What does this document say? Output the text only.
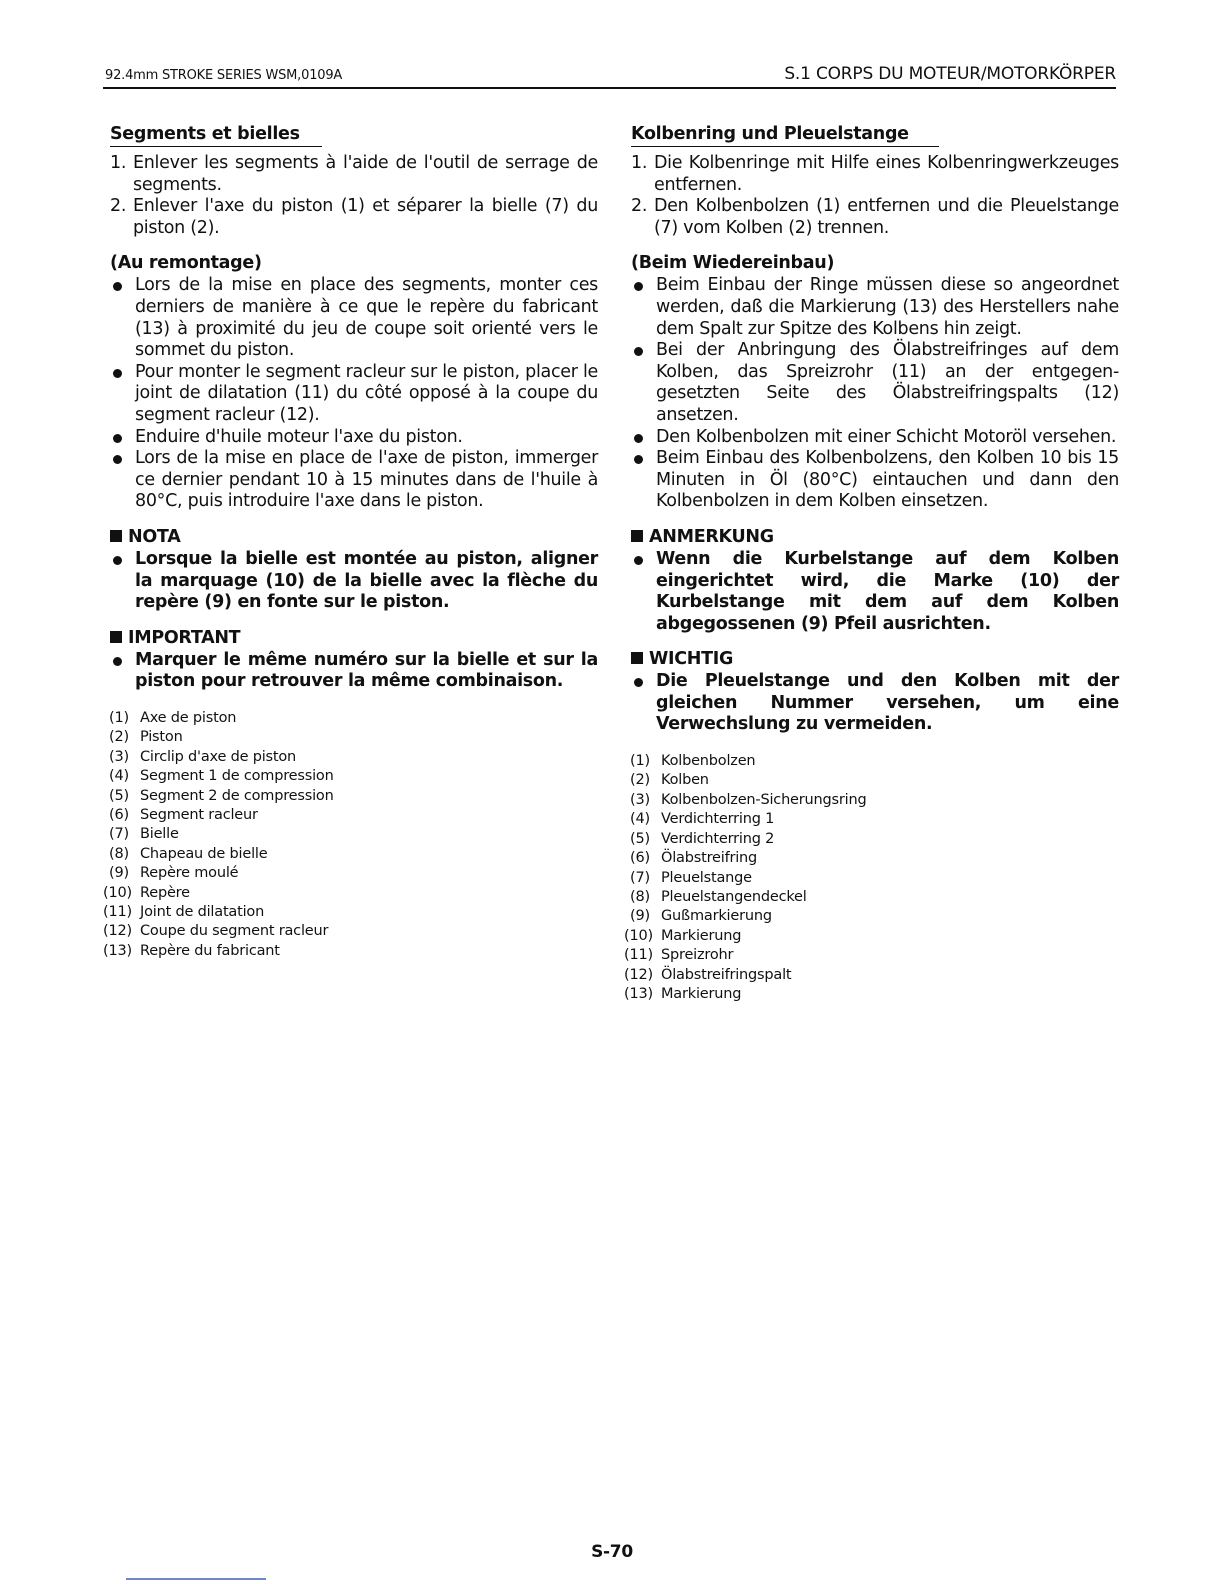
92.4mm STROKE SERIES WSM,0109A	S.1 CORPS DU MOTEUR/MOTORKÖRPER
Segments et bielles
1. Enlever les segments à l'aide de l'outil de serrage de segments.
2. Enlever l'axe du piston (1) et séparer la bielle (7) du piston (2).
(Au remontage)
Lors de la mise en place des segments, monter ces derniers de manière à ce que le repère du fabricant (13) à proximité du jeu de coupe soit orienté vers le sommet du piston.
Pour monter le segment racleur sur le piston, placer le joint de dilatation (11) du côté opposé à la coupe du segment racleur (12).
Enduire d'huile moteur l'axe du piston.
Lors de la mise en place de l'axe de piston, immerger ce dernier pendant 10 à 15 minutes dans de l'huile à 80°C, puis introduire l'axe dans le piston.
NOTA
Lorsque la bielle est montée au piston, aligner la marquage (10) de la bielle avec la flèche du repère (9) en fonte sur le piston.
IMPORTANT
Marquer le même numéro sur la bielle et sur la piston pour retrouver la même combinaison.
(1) Axe de piston
(2) Piston
(3) Circlip d'axe de piston
(4) Segment 1 de compression
(5) Segment 2 de compression
(6) Segment racleur
(7) Bielle
(8) Chapeau de bielle
(9) Repère moulé
(10) Repère
(11) Joint de dilatation
(12) Coupe du segment racleur
(13) Repère du fabricant
Kolbenring und Pleuelstange
1. Die Kolbenringe mit Hilfe eines Kolbenringwerkzeuges entfernen.
2. Den Kolbenbolzen (1) entfernen und die Pleuelstange (7) vom Kolben (2) trennen.
(Beim Wiedereinbau)
Beim Einbau der Ringe müssen diese so angeordnet werden, daß die Markierung (13) des Herstellers nahe dem Spalt zur Spitze des Kolbens hin zeigt.
Bei der Anbringung des Ölabstreifringes auf dem Kolben, das Spreizrohr (11) an der entgegen-gesetzten Seite des Ölabstreifringspalts (12) ansetzen.
Den Kolbenbolzen mit einer Schicht Motoröl versehen.
Beim Einbau des Kolbenbolzens, den Kolben 10 bis 15 Minuten in Öl (80°C) eintauchen und dann den Kolbenbolzen in dem Kolben einsetzen.
ANMERKUNG
Wenn die Kurbelstange auf dem Kolben eingerichtet wird, die Marke (10) der Kurbelstange mit dem auf dem Kolben abgegossenen (9) Pfeil ausrichten.
WICHTIG
Die Pleuelstange und den Kolben mit der gleichen Nummer versehen, um eine Verwechslung zu vermeiden.
(1) Kolbenbolzen
(2) Kolben
(3) Kolbenbolzen-Sicherungsring
(4) Verdichterring 1
(5) Verdichterring 2
(6) Ölabstreifring
(7) Pleuelstange
(8) Pleuelstangendeckel
(9) Gußmarkierung
(10) Markierung
(11) Spreizrohr
(12) Ölabstreifringspalt
(13) Markierung
S-70
